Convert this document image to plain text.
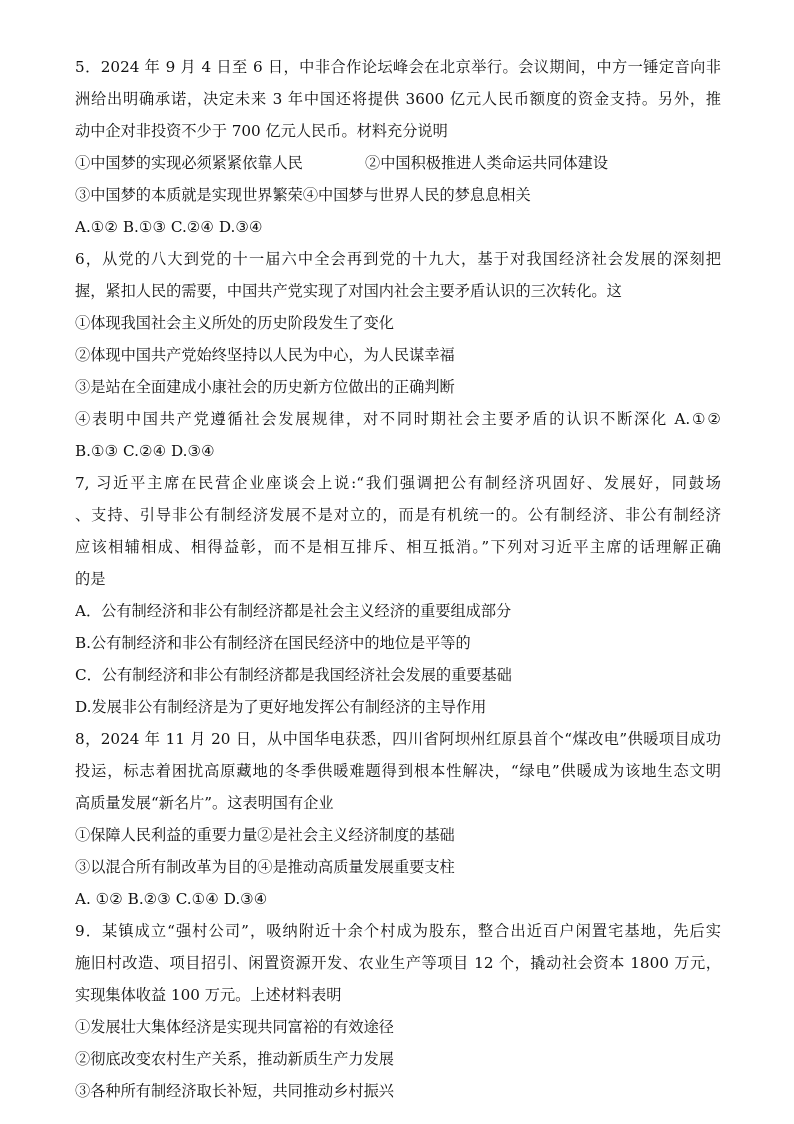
5．2024 年 9 月 4 日至 6 日，中非合作论坛峰会在北京举行。会议期间，中方一锤定音向非
洲给出明确承诺，决定未来 3 年中国还将提供 3600 亿元人民币额度的资金支持。另外，推
动中企对非投资不少于 700 亿元人民币。材料充分说明
①中国梦的实现必须紧紧依靠人民	②中国积极推进人类命运共同体建设
③中国梦的本质就是实现世界繁荣④中国梦与世界人民的梦息息相关
A.①② B.①③ C.②④ D.③④
6，从党的八大到党的十一届六中全会再到党的十九大，基于对我国经济社会发展的深刻把
握，紧扣人民的需要，中国共产党实现了对国内社会主要矛盾认识的三次转化。这
①体现我国社会主义所处的历史阶段发生了变化
②体现中国共产党始终坚持以人民为中心，为人民谋幸福
③是站在全面建成小康社会的历史新方位做出的正确判断
④表明中国共产党遵循社会发展规律，对不同时期社会主要矛盾的认识不断深化 A.①②
B.①③ C.②④ D.③④
7, 习近平主席在民营企业座谈会上说:“我们强调把公有制经济巩固好、发展好，同鼓场
、支持、引导非公有制经济发展不是对立的，而是有机统一的。公有制经济、非公有制经济
应该相辅相成、相得益彰，而不是相互排斥、相互抵消。”下列对习近平主席的话理解正确
的是
A．公有制经济和非公有制经济都是社会主义经济的重要组成部分
B.公有制经济和非公有制经济在国民经济中的地位是平等的
C．公有制经济和非公有制经济都是我国经济社会发展的重要基础
D.发展非公有制经济是为了更好地发挥公有制经济的主导作用
8，2024 年 11 月 20 日，从中国华电获悉，四川省阿坝州红原县首个“煤改电”供暖项目成功
投运，标志着困扰高原藏地的冬季供暖难题得到根本性解决，“绿电”供暖成为该地生态文明
高质量发展“新名片”。这表明国有企业
①保障人民利益的重要力量②是社会主义经济制度的基础
③以混合所有制改革为目的④是推动高质量发展重要支柱
A. ①② B.②③ C.①④ D.③④
9．某镇成立“强村公司”，吸纳附近十余个村成为股东，整合出近百户闲置宅基地，先后实
施旧村改造、项目招引、闲置资源开发、农业生产等项目 12 个，撬动社会资本 1800 万元，
实现集体收益 100 万元。上述材料表明
①发展壮大集体经济是实现共同富裕的有效途径
②彻底改变农村生产关系，推动新质生产力发展
③各种所有制经济取长补短，共同推动乡村振兴
